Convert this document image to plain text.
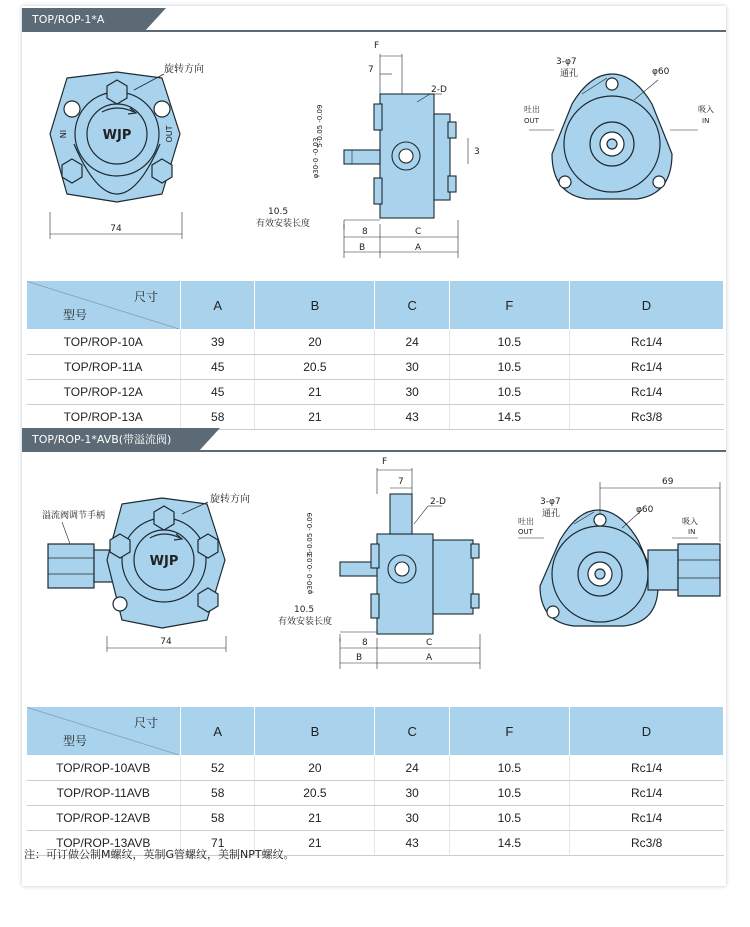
TOP/ROP-1*A
旋转方向
WJP
IN	OUT
74
F
7
2-D
5-0.05 -0.09
φ30-0 -0.03	3
10.5
有效安装长度
8	C
B	A
3-φ7
通孔	φ60
吐出
OUT
吸入
IN
尺寸
型号	A	B	C	F	D
TOP/ROP-10A	39	20	24	10.5	Rc1/4
TOP/ROP-11A	45	20.5	30	10.5	Rc1/4
TOP/ROP-12A	45	21	30	10.5	Rc1/4
TOP/ROP-13A	58	21	43	14.5	Rc3/8
TOP/ROP-1*AVB(带溢流阀)
旋转方向
溢流阀调节手柄
WJP
74
F
7
2-D
5-0.05 -0.09
φ30-0 -0.03
10.5
有效安装长度
8	C
B	A
69
3-φ7
通孔	φ60
吐出
OUT
吸入
IN
尺寸
型号	A	B	C	F	D
TOP/ROP-10AVB	52	20	24	10.5	Rc1/4
TOP/ROP-11AVB	58	20.5	30	10.5	Rc1/4
TOP/ROP-12AVB	58	21	30	10.5	Rc1/4
TOP/ROP-13AVB	71	21	43	14.5	Rc3/8
注：可订做公制M螺纹，英制G管螺纹，美制NPT螺纹。
